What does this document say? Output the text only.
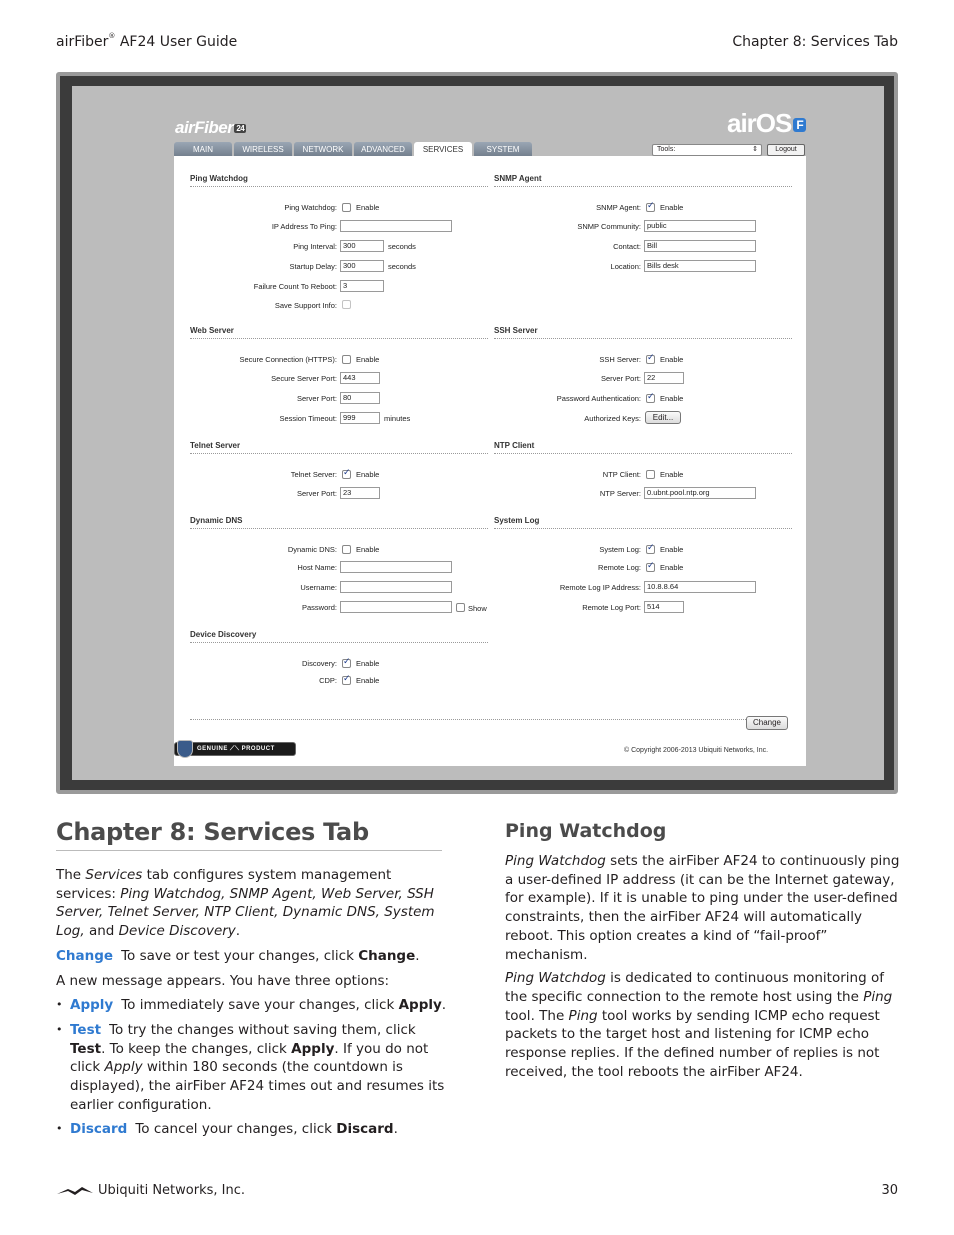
airFiber® AF24 User Guide	Chapter 8: Services Tab
airFiber 24	airOS F
MAIN	WIRELESS	NETWORK	ADVANCED	SERVICES	SYSTEM	Tools:	⇕	Logout
Ping Watchdog
Ping Watchdog:	Enable
IP Address To Ping:
Ping Interval: 300	seconds
Startup Delay: 300	seconds
Failure Count To Reboot: 3
Save Support Info:
SNMP Agent
SNMP Agent: ✓	Enable
SNMP Community: public
Contact: Bill
Location: Bills desk
Web Server
Secure Connection (HTTPS):	Enable
Secure Server Port: 443
Server Port: 80
Session Timeout: 999	minutes
SSH Server
SSH Server: ✓	Enable
Server Port: 22
Password Authentication: ✓	Enable
Authorized Keys:	Edit...
Telnet Server
Telnet Server: ✓	Enable
Server Port: 23
NTP Client
NTP Client:	Enable
NTP Server: 0.ubnt.pool.ntp.org
Dynamic DNS
Dynamic DNS:	Enable
Host Name:
Username:
Password:	Show
System Log
System Log: ✓	Enable
Remote Log: ✓	Enable
Remote Log IP Address: 10.8.8.64
Remote Log Port: 514
Device Discovery
Discovery: ✓	Enable
CDP: ✓	Enable
Change
GENUINE ⟋⟍ PRODUCT	© Copyright 2006-2013 Ubiquiti Networks, Inc.
Chapter 8: Services Tab

The Services tab configures system management services: Ping Watchdog, SNMP Agent, Web Server, SSH Server, Telnet Server, NTP Client, Dynamic DNS, System Log, and Device Discovery.

Change To save or test your changes, click Change.

A new message appears. You have three options:

• Apply To immediately save your changes, click Apply.
• Test To try the changes without saving them, click Test. To keep the changes, click Apply. If you do not click Apply within 180 seconds (the countdown is displayed), the airFiber AF24 times out and resumes its earlier configuration.
• Discard To cancel your changes, click Discard.
Ping Watchdog

Ping Watchdog sets the airFiber AF24 to continuously ping a user-defined IP address (it can be the Internet gateway, for example). If it is unable to ping under the user-defined constraints, then the airFiber AF24 will automatically reboot. This option creates a kind of “fail-proof” mechanism.

Ping Watchdog is dedicated to continuous monitoring of the specific connection to the remote host using the Ping tool. The Ping tool works by sending ICMP echo request packets to the target host and listening for ICMP echo response replies. If the defined number of replies is not received, the tool reboots the airFiber AF24.

Ubiquiti Networks, Inc.	30
